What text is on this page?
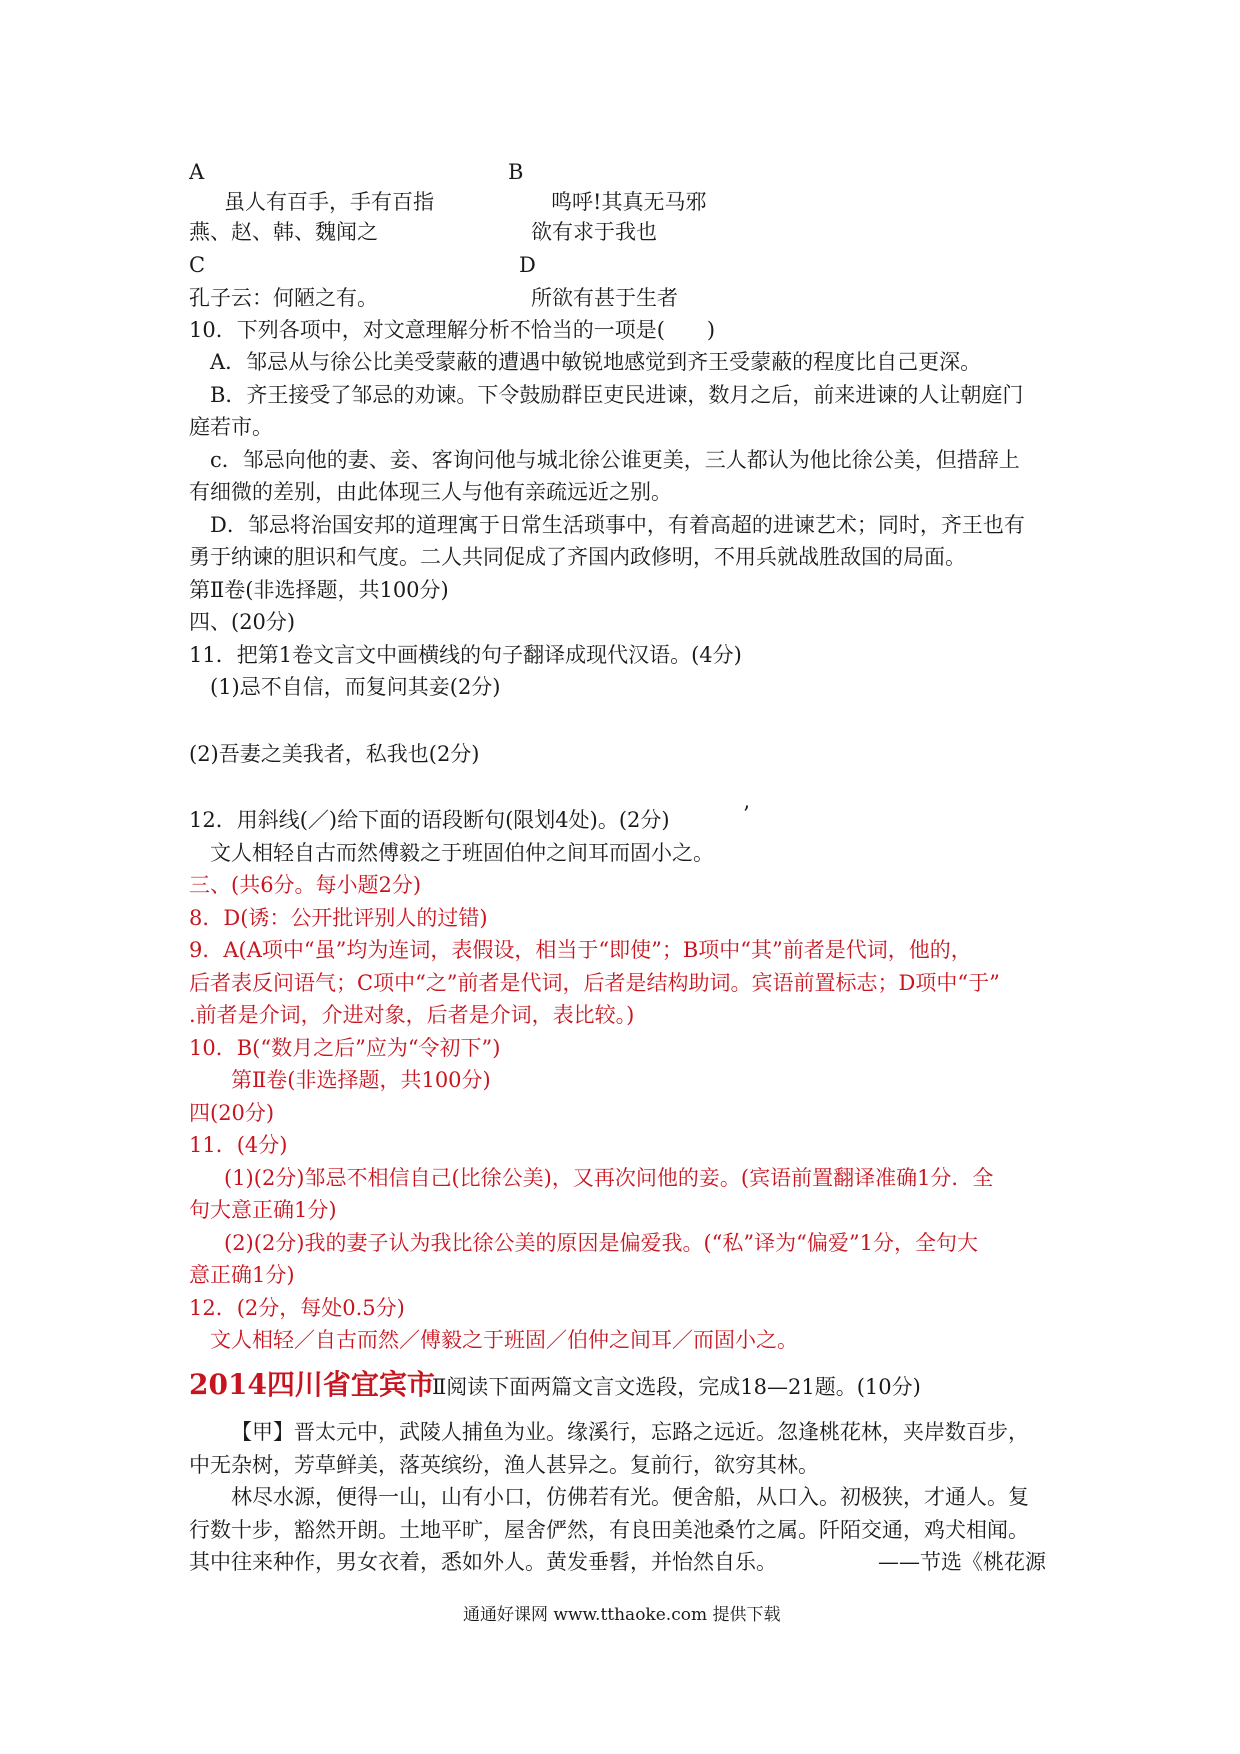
A	B
虽人有百手，手有百指	鸣呼!其真无马邪
燕、赵、韩、魏闻之	欲有求于我也
C	D
孔子云：何陋之有。	所欲有甚于生者
10．下列各项中，对文意理解分析不恰当的一项是(　　)
A．邹忌从与徐公比美受蒙蔽的遭遇中敏锐地感觉到齐王受蒙蔽的程度比自己更深。
B．齐王接受了邹忌的劝谏。下令鼓励群臣吏民进谏，数月之后，前来进谏的人让朝庭门
庭若市。
c．邹忌向他的妻、妾、客询问他与城北徐公谁更美，三人都认为他比徐公美，但措辞上
有细微的差别，由此体现三人与他有亲疏远近之别。
D．邹忌将治国安邦的道理寓于日常生活琐事中，有着高超的进谏艺术；同时，齐王也有
勇于纳谏的胆识和气度。二人共同促成了齐国内政修明，不用兵就战胜敌国的局面。
第Ⅱ卷(非选择题，共100分)
四、(20分)
11．把第1卷文言文中画横线的句子翻译成现代汉语。(4分)
(1)忌不自信，而复问其妾(2分)
(2)吾妻之美我者，私我也(2分)
12．用斜线(／)给下面的语段断句(限划4处)。(2分)	’
文人相轻自古而然傅毅之于班固伯仲之间耳而固小之。
三、(共6分。每小题2分)
8．D(诱：公开批评别人的过错)
9．A(A项中“虽”均为连词，表假设，相当于“即使”；B项中“其”前者是代词，他的，
后者表反问语气；C项中“之”前者是代词，后者是结构助词。宾语前置标志；D项中“于”
.前者是介词，介进对象，后者是介词，表比较。)
10．B(“数月之后”应为“令初下”)
第Ⅱ卷(非选择题，共100分)
四(20分)
11．(4分)
(1)(2分)邹忌不相信自己(比徐公美)，又再次问他的妾。(宾语前置翻译准确1分．全
句大意正确1分)
(2)(2分)我的妻子认为我比徐公美的原因是偏爱我。(“私”译为“偏爱”1分，全句大
意正确1分)
12．(2分，每处0.5分)
文人相轻／自古而然／傅毅之于班固／伯仲之间耳／而固小之。
2014四川省宜宾市
Ⅱ阅读下面两篇文言文选段，完成18—21题。(10分)
【甲】晋太元中，武陵人捕鱼为业。缘溪行，忘路之远近。忽逢桃花林，夹岸数百步，
中无杂树，芳草鲜美，落英缤纷，渔人甚异之。复前行，欲穷其林。
林尽水源，便得一山，山有小口，仿佛若有光。便舍船，从口入。初极狭，才通人。复
行数十步，豁然开朗。土地平旷，屋舍俨然，有良田美池桑竹之属。阡陌交通，鸡犬相闻。
其中往来种作，男女衣着，悉如外人。黄发垂髫，并怡然自乐。	——节选《桃花源
通通好课网 www.tthaoke.com 提供下载
